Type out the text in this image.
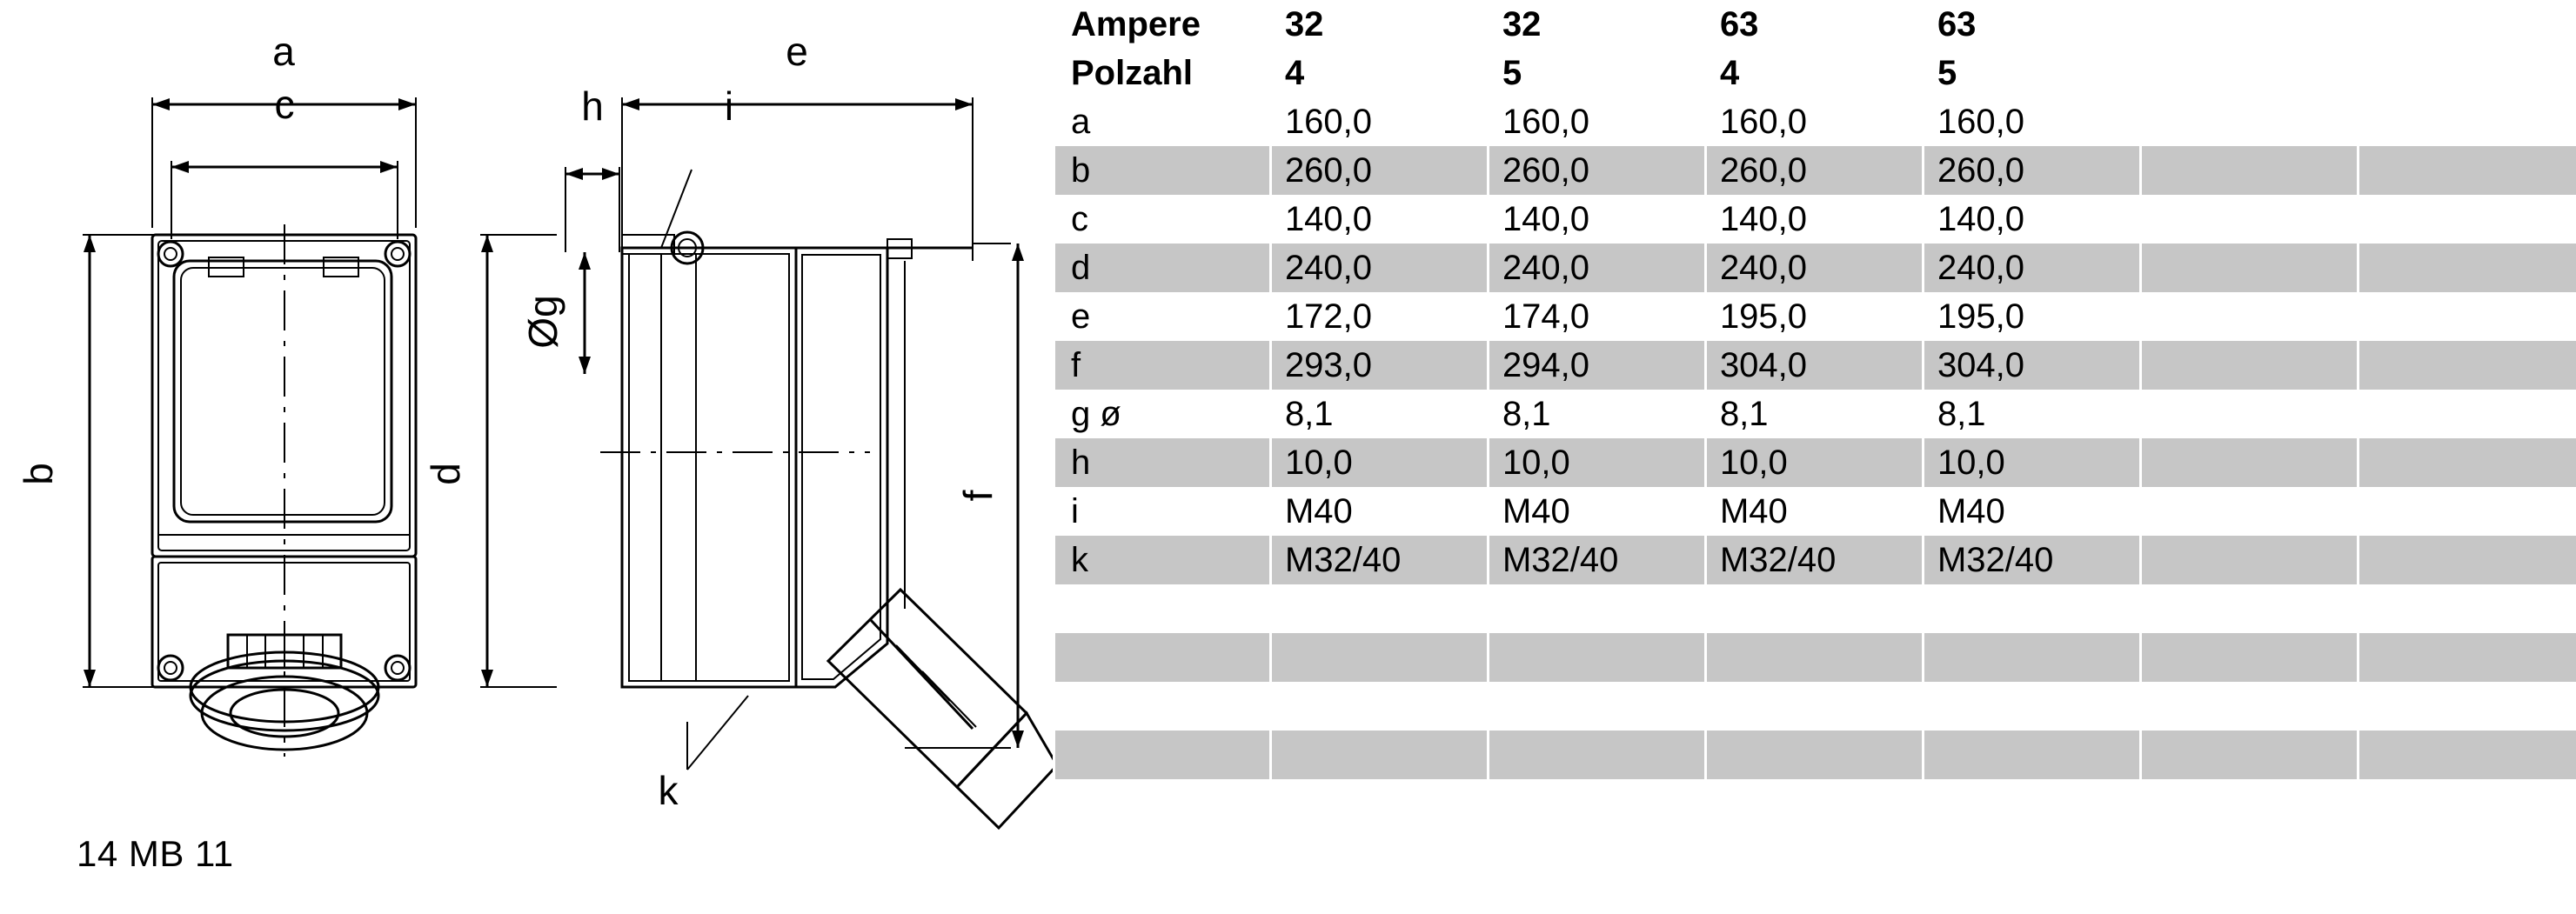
a
c
b	d
e
h	i
Øg
f
k
14 MB 11
Ampere	32	32	63	63		
Polzahl	4	5	4	5		
a	160,0	160,0	160,0	160,0		
b	260,0	260,0	260,0	260,0		
c	140,0	140,0	140,0	140,0		
d	240,0	240,0	240,0	240,0		
e	172,0	174,0	195,0	195,0		
f	293,0	294,0	304,0	304,0		
g ø	8,1	8,1	8,1	8,1		
h	10,0	10,0	10,0	10,0		
i	M40	M40	M40	M40		
k	M32/40	M32/40	M32/40	M32/40		
